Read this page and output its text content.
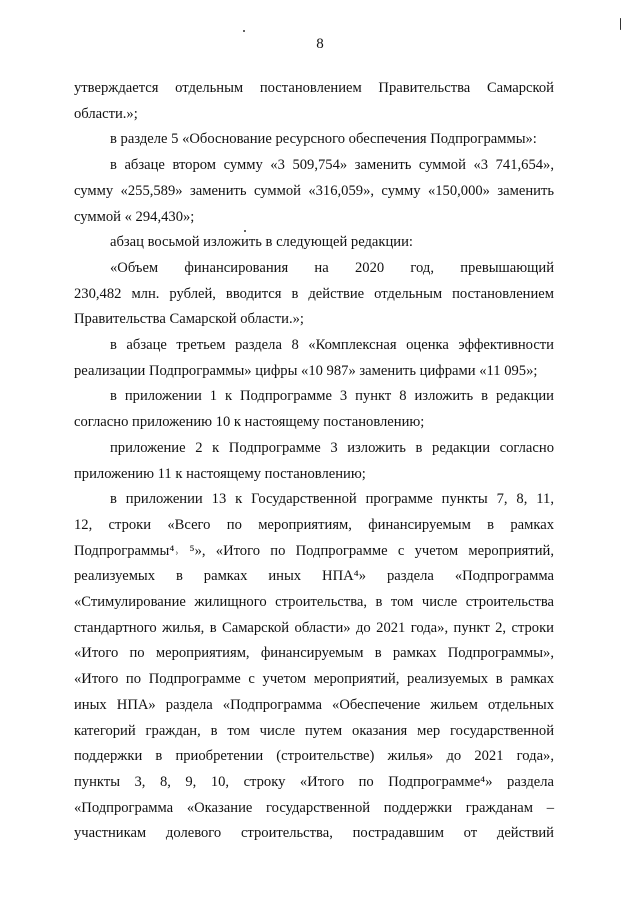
8
утверждается отдельным постановлением Правительства Самарской
области.»;
в разделе 5 «Обоснование ресурсного обеспечения Подпрограммы»:
в абзаце втором сумму «3 509,754» заменить суммой «3 741,654»,
сумму «255,589» заменить суммой «316,059», сумму «150,000» заменить
суммой « 294,430»;
абзац восьмой изложить в следующей редакции:
«Объем финансирования на 2020 год, превышающий
230,482 млн. рублей, вводится в действие отдельным постановлением
Правительства Самарской области.»;
в абзаце третьем раздела 8 «Комплексная оценка эффективности
реализации Подпрограммы» цифры «10 987» заменить цифрами «11 095»;
в приложении 1 к Подпрограмме 3 пункт 8 изложить в редакции
согласно приложению 10 к настоящему постановлению;
приложение 2 к Подпрограмме 3 изложить в редакции согласно
приложению 11 к настоящему постановлению;
в приложении 13 к Государственной программе пункты 7, 8, 11,
12, строки «Всего по мероприятиям, финансируемым в рамках
Подпрограммы⁴˒ ⁵», «Итого по Подпрограмме с учетом мероприятий,
реализуемых в рамках иных НПА⁴» раздела «Подпрограмма
«Стимулирование жилищного строительства, в том числе строительства
стандартного жилья, в Самарской области» до 2021 года», пункт 2, строки
«Итого по мероприятиям, финансируемым в рамках Подпрограммы»,
«Итого по Подпрограмме с учетом мероприятий, реализуемых в рамках
иных НПА» раздела «Подпрограмма «Обеспечение жильем отдельных
категорий граждан, в том числе путем оказания мер государственной
поддержки в приобретении (строительстве) жилья» до 2021 года»,
пункты 3, 8, 9, 10, строку «Итого по Подпрограмме⁴» раздела
«Подпрограмма «Оказание государственной поддержки гражданам –
участникам долевого строительства, пострадавшим от действий
